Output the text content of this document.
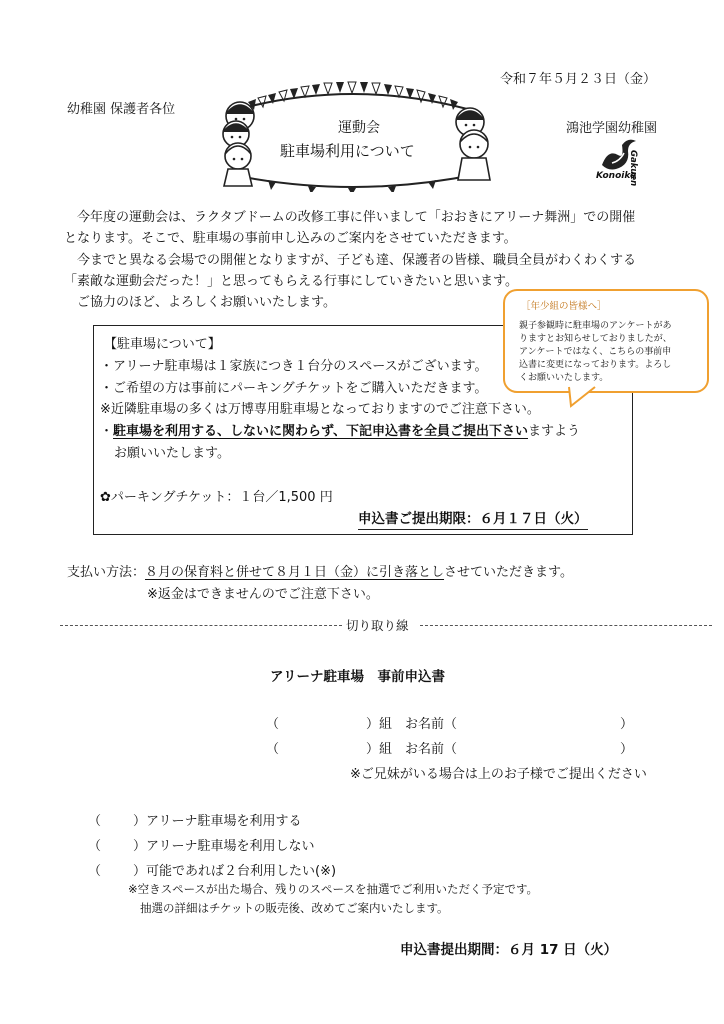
令和７年５月２３日（金）
幼稚園 保護者各位
運動会
駐車場利用について
鴻池学園幼稚園
Konoike
Gakuen
今年度の運動会は、ラクタブドームの改修工事に伴いまして「おおきにアリーナ舞洲」での開催
となります。そこで、駐車場の事前申し込みのご案内をさせていただきます。
今までと異なる会場での開催となりますが、子ども達、保護者の皆様、職員全員がわくわくする
「素敵な運動会だった！」と思ってもらえる行事にしていきたいと思います。
ご協力のほど、よろしくお願いいたします。
【駐車場について】
・アリーナ駐車場は１家族につき１台分のスペースがございます。
・ご希望の方は事前にパーキングチケットをご購入いただきます。
※近隣駐車場の多くは万博専用駐車場となっておりますのでご注意下さい。
・駐車場を利用する、しないに関わらず、下記申込書を全員ご提出下さいますよう
お願いいたします。
✿パーキングチケット：１台／1,500 円
申込書ご提出期限：６月１７日（火）
［年少組の皆様へ］
親子参観時に駐車場のアンケートがあ
りますとお知らせしておりましたが、
アンケートではなく、こちらの事前申
込書に変更になっております。よろし
くお願いいたします。
支払い方法：８月の保育料と併せて８月１日（金）に引き落としさせていただきます。
※返金はできませんのでご注意下さい。
切り取り線
アリーナ駐車場　事前申込書
（	）組　お名前（	）
（	）組　お名前（	）
※ご兄妹がいる場合は上のお子様でご提出ください
（ ）アリーナ駐車場を利用する
（ ）アリーナ駐車場を利用しない
（ ）可能であれば２台利用したい(※)
※空きスペースが出た場合、残りのスペースを抽選でご利用いただく予定です。
抽選の詳細はチケットの販売後、改めてご案内いたします。
申込書提出期間：６月 17 日（火）
